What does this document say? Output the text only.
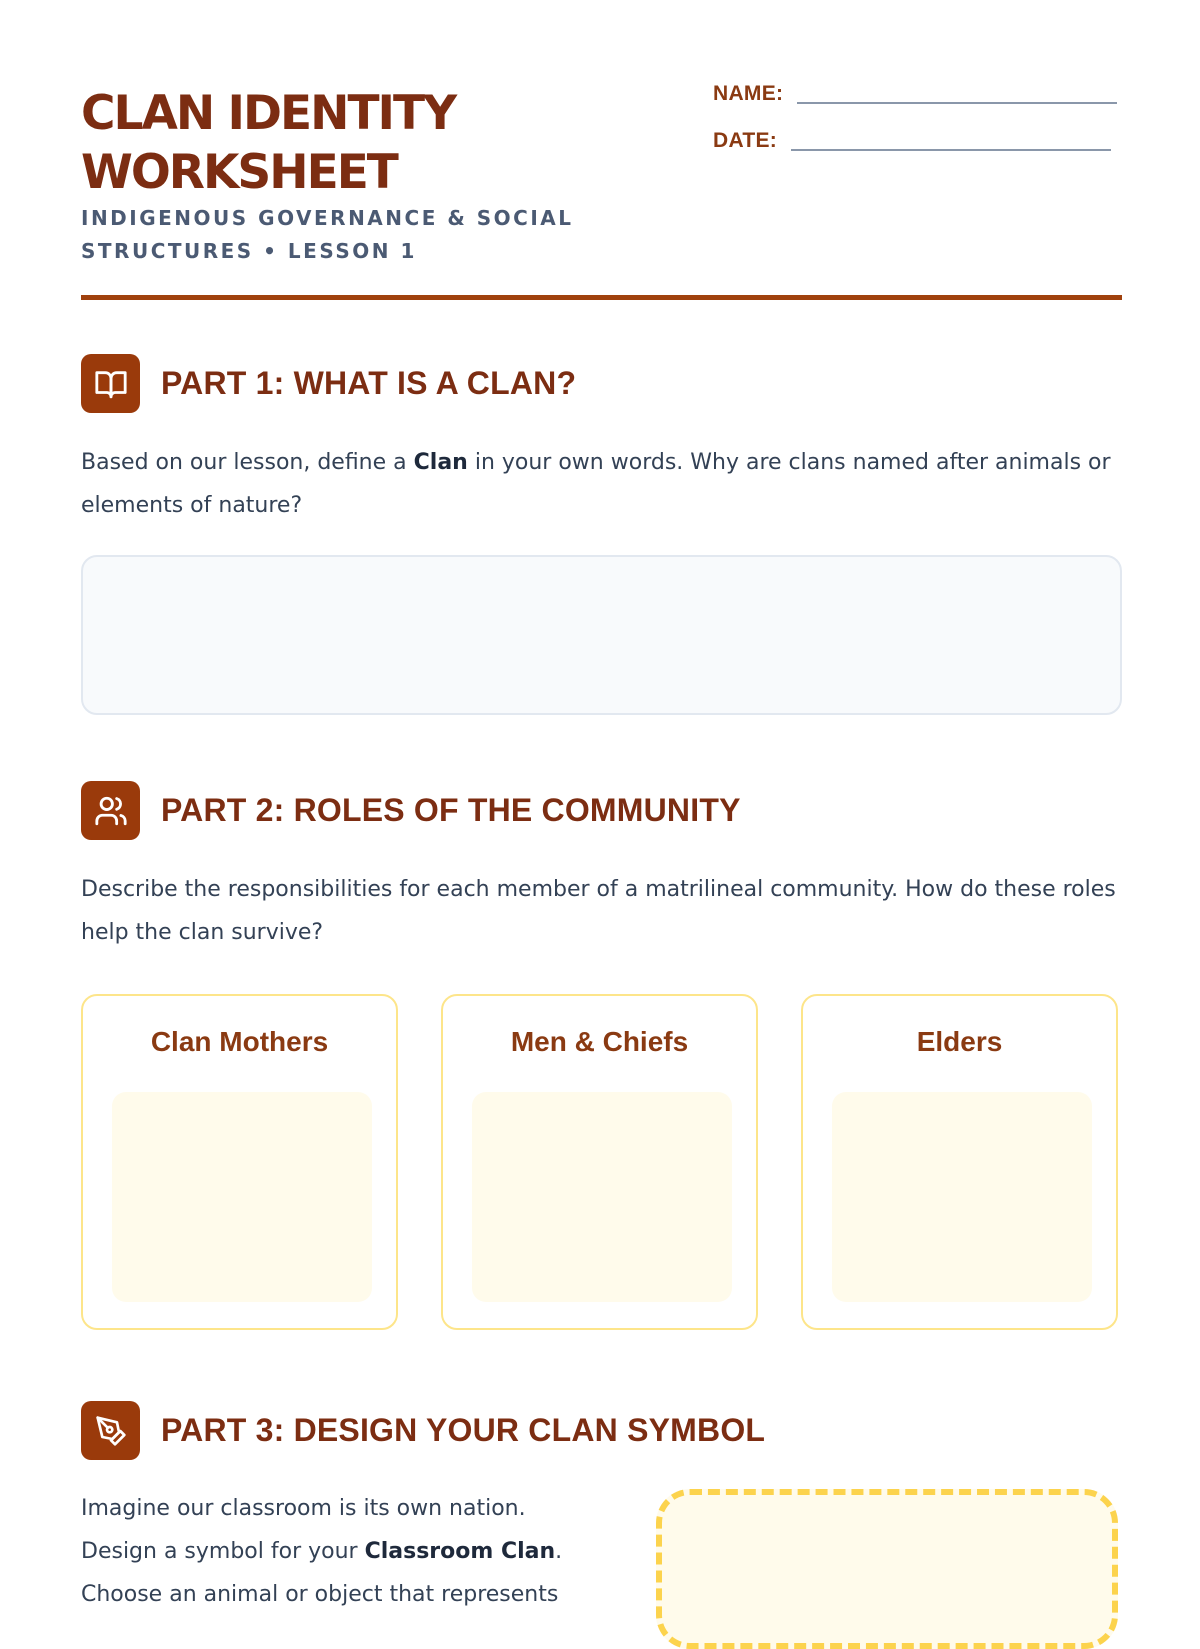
CLAN IDENTITY
WORKSHEET

INDIGENOUS GOVERNANCE & SOCIAL
STRUCTURES • LESSON 1

NAME:
DATE:
PART 1: WHAT IS A CLAN?

Based on our lesson, define a Clan in your own words. Why are clans named after animals or elements of nature?

PART 2: ROLES OF THE COMMUNITY

Describe the responsibilities for each member of a matrilineal community. How do these roles help the clan survive?

Clan Mothers	Men & Chiefs	Elders
PART 3: DESIGN YOUR CLAN SYMBOL

Imagine our classroom is its own nation.
Design a symbol for your Classroom Clan.
Choose an animal or object that represents
